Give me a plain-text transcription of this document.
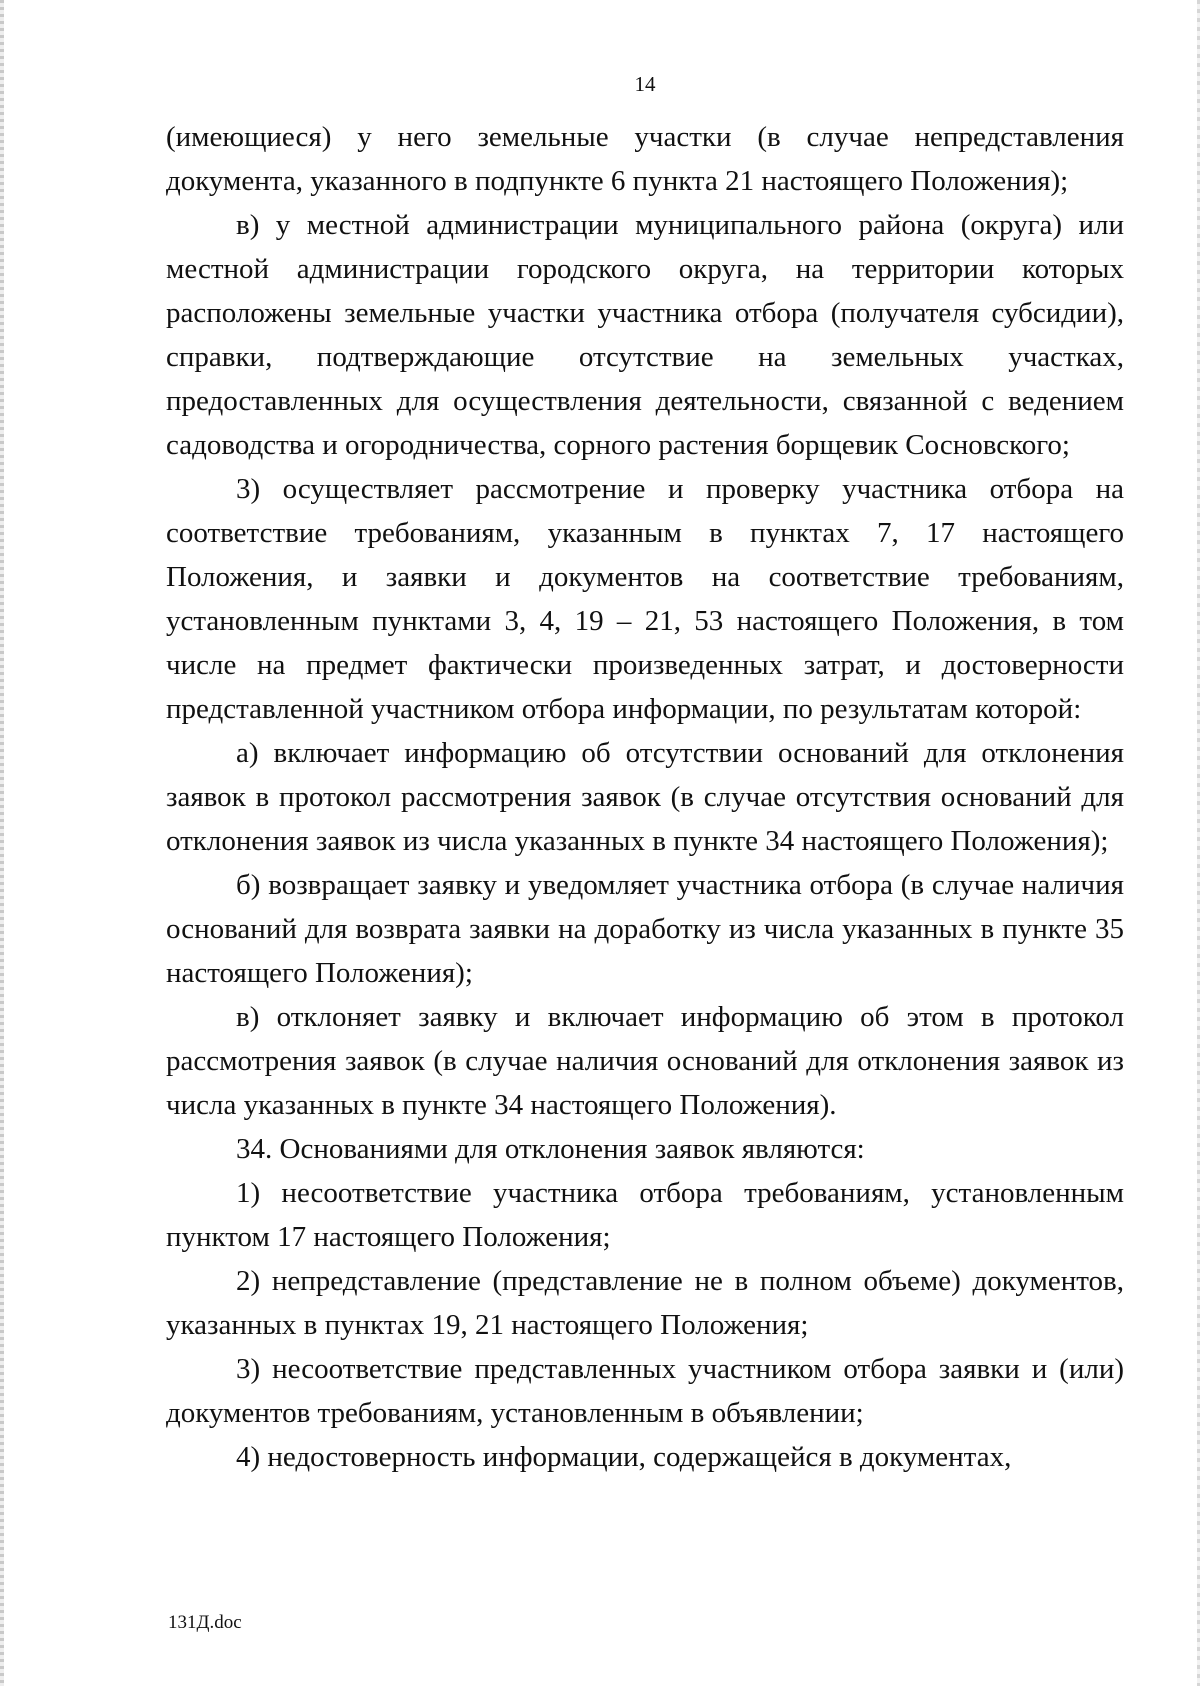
14

(имеющиеся) у него земельные участки (в случае непредставления документа, указанного в подпункте 6 пункта 21 настоящего Положения);

в) у местной администрации муниципального района (округа) или местной администрации городского округа, на территории которых расположены земельные участки участника отбора (получателя субсидии), справки, подтверждающие отсутствие на земельных участках, предоставленных для осуществления деятельности, связанной с ведением садоводства и огородничества, сорного растения борщевик Сосновского;

3) осуществляет рассмотрение и проверку участника отбора на соответствие требованиям, указанным в пунктах 7, 17 настоящего Положения, и заявки и документов на соответствие требованиям, установленным пунктами 3, 4, 19 – 21, 53 настоящего Положения, в том числе на предмет фактически произведенных затрат, и достоверности представленной участником отбора информации, по результатам которой:

а) включает информацию об отсутствии оснований для отклонения заявок в протокол рассмотрения заявок (в случае отсутствия оснований для отклонения заявок из числа указанных в пункте 34 настоящего Положения);

б) возвращает заявку и уведомляет участника отбора (в случае наличия оснований для возврата заявки на доработку из числа указанных в пункте 35 настоящего Положения);

в) отклоняет заявку и включает информацию об этом в протокол рассмотрения заявок (в случае наличия оснований для отклонения заявок из числа указанных в пункте 34 настоящего Положения).

34. Основаниями для отклонения заявок являются:

1) несоответствие участника отбора требованиям, установленным пунктом 17 настоящего Положения;

2) непредставление (представление не в полном объеме) документов, указанных в пунктах 19, 21 настоящего Положения;

3) несоответствие представленных участником отбора заявки и (или) документов требованиям, установленным в объявлении;

4) недостоверность информации, содержащейся в документах,

131Д.doc
